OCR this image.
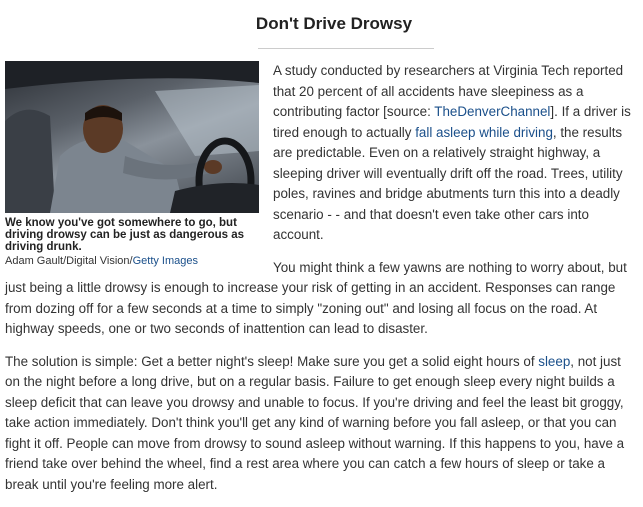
Don't Drive Drowsy
We know you've got somewhere to go, but driving drowsy can be just as dangerous as driving drunk.
Adam Gault/Digital Vision/Getty Images

A study conducted by researchers at Virginia Tech reported that 20 percent of all accidents have sleepiness as a contributing factor [source: TheDenverChannel]. If a driver is tired enough to actually fall asleep while driving, the results are predictable. Even on a relatively straight highway, a sleeping driver will eventually drift off the road. Trees, utility poles, ravines and bridge abutments turn this into a deadly scenario - - and that doesn't even take other cars into account.

You might think a few yawns are nothing to worry about, but just being a little drowsy is enough to increase your risk of getting in an accident. Responses can range from dozing off for a few seconds at a time to simply "zoning out" and losing all focus on the road. At highway speeds, one or two seconds of inattention can lead to disaster.

The solution is simple: Get a better night's sleep! Make sure you get a solid eight hours of sleep, not just on the night before a long drive, but on a regular basis. Failure to get enough sleep every night builds a sleep deficit that can leave you drowsy and unable to focus. If you're driving and feel the least bit groggy, take action immediately. Don't think you'll get any kind of warning before you fall asleep, or that you can fight it off. People can move from drowsy to sound asleep without warning. If this happens to you, have a friend take over behind the wheel, find a rest area where you can catch a few hours of sleep or take a break until you're feeling more alert.
